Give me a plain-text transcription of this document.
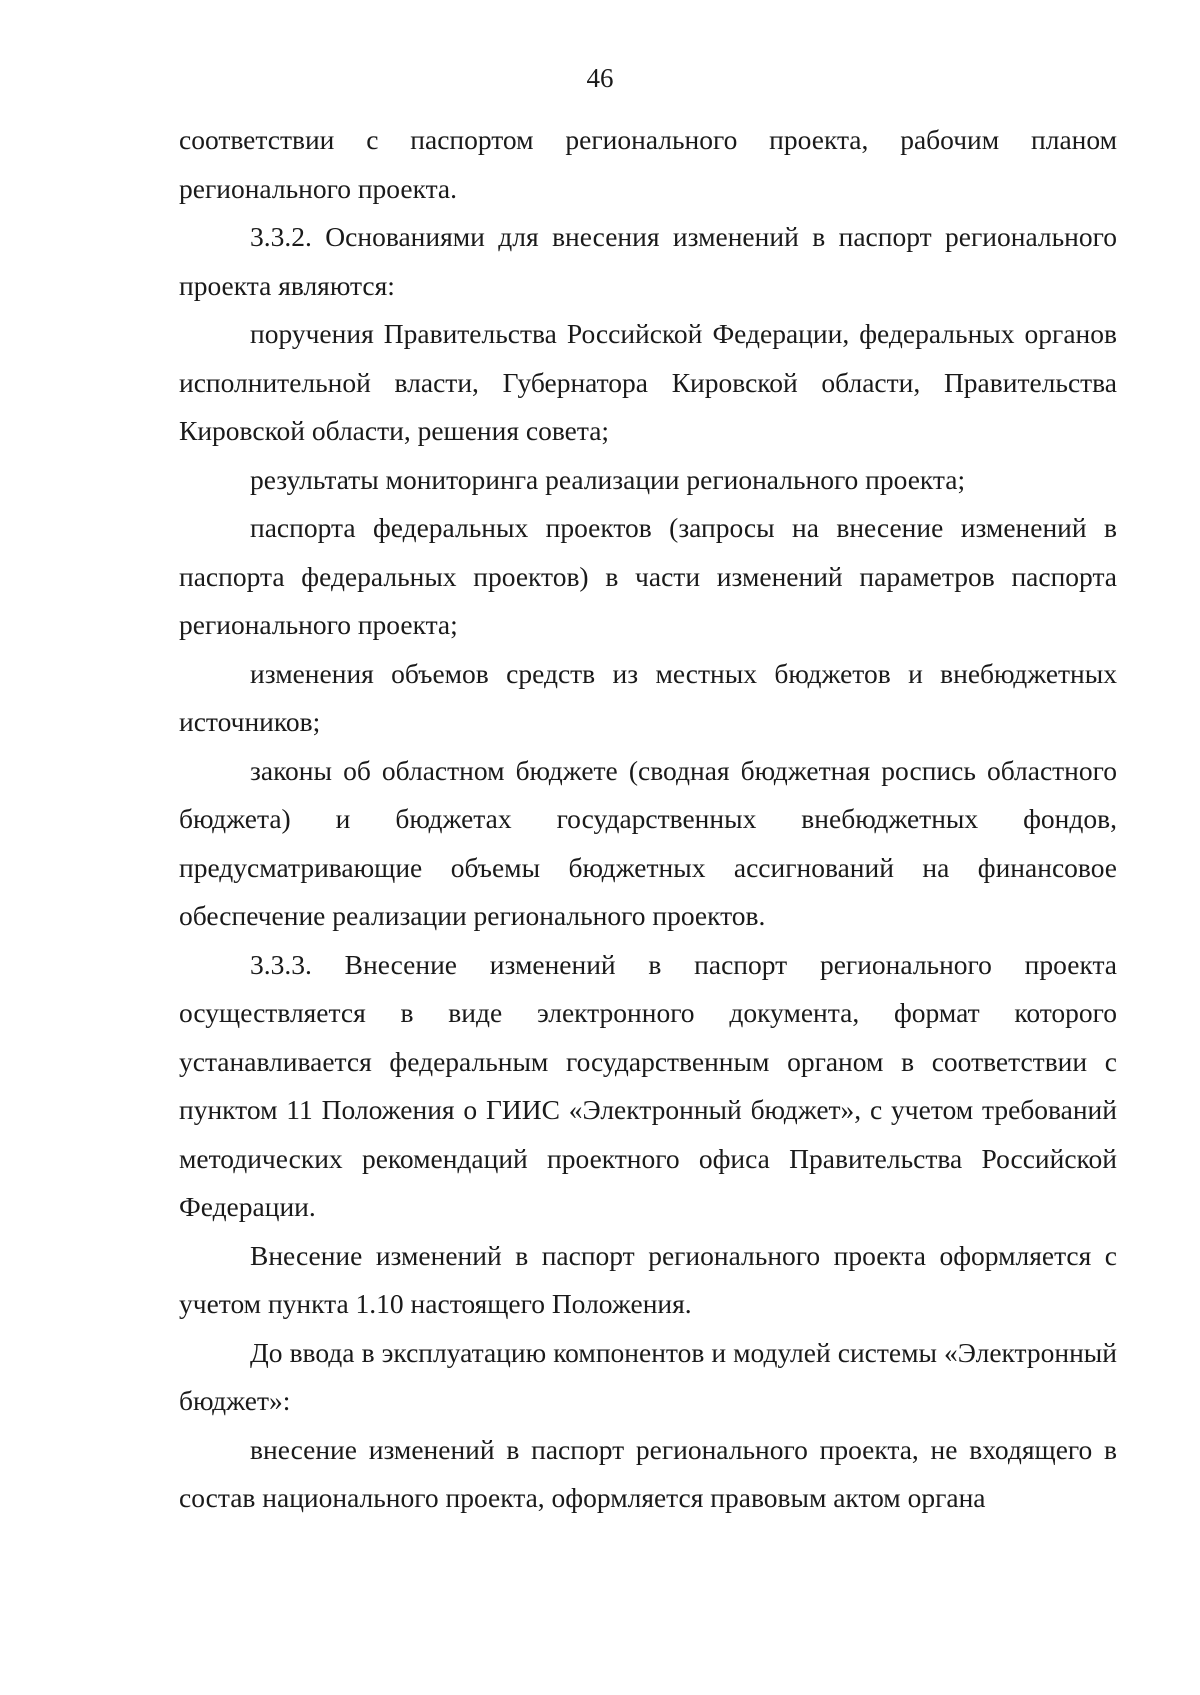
46

соответствии с паспортом регионального проекта, рабочим планом регионального проекта.

3.3.2. Основаниями для внесения изменений в паспорт регионального проекта являются:

поручения Правительства Российской Федерации, федеральных органов исполнительной власти, Губернатора Кировской области, Правительства Кировской области, решения совета;

результаты мониторинга реализации регионального проекта;

паспорта федеральных проектов (запросы на внесение изменений в паспорта федеральных проектов) в части изменений параметров паспорта регионального проекта;

изменения объемов средств из местных бюджетов и внебюджетных источников;

законы об областном бюджете (сводная бюджетная роспись областного бюджета) и бюджетах государственных внебюджетных фондов, предусматривающие объемы бюджетных ассигнований на финансовое обеспечение реализации регионального проектов.

3.3.3. Внесение изменений в паспорт регионального проекта осуществляется в виде электронного документа, формат которого устанавливается федеральным государственным органом в соответствии с пунктом 11 Положения о ГИИС «Электронный бюджет», с учетом требований методических рекомендаций проектного офиса Правительства Российской Федерации.

Внесение изменений в паспорт регионального проекта оформляется с учетом пункта 1.10 настоящего Положения.

До ввода в эксплуатацию компонентов и модулей системы «Электронный бюджет»:

внесение изменений в паспорт регионального проекта, не входящего в состав национального проекта, оформляется правовым актом органа
